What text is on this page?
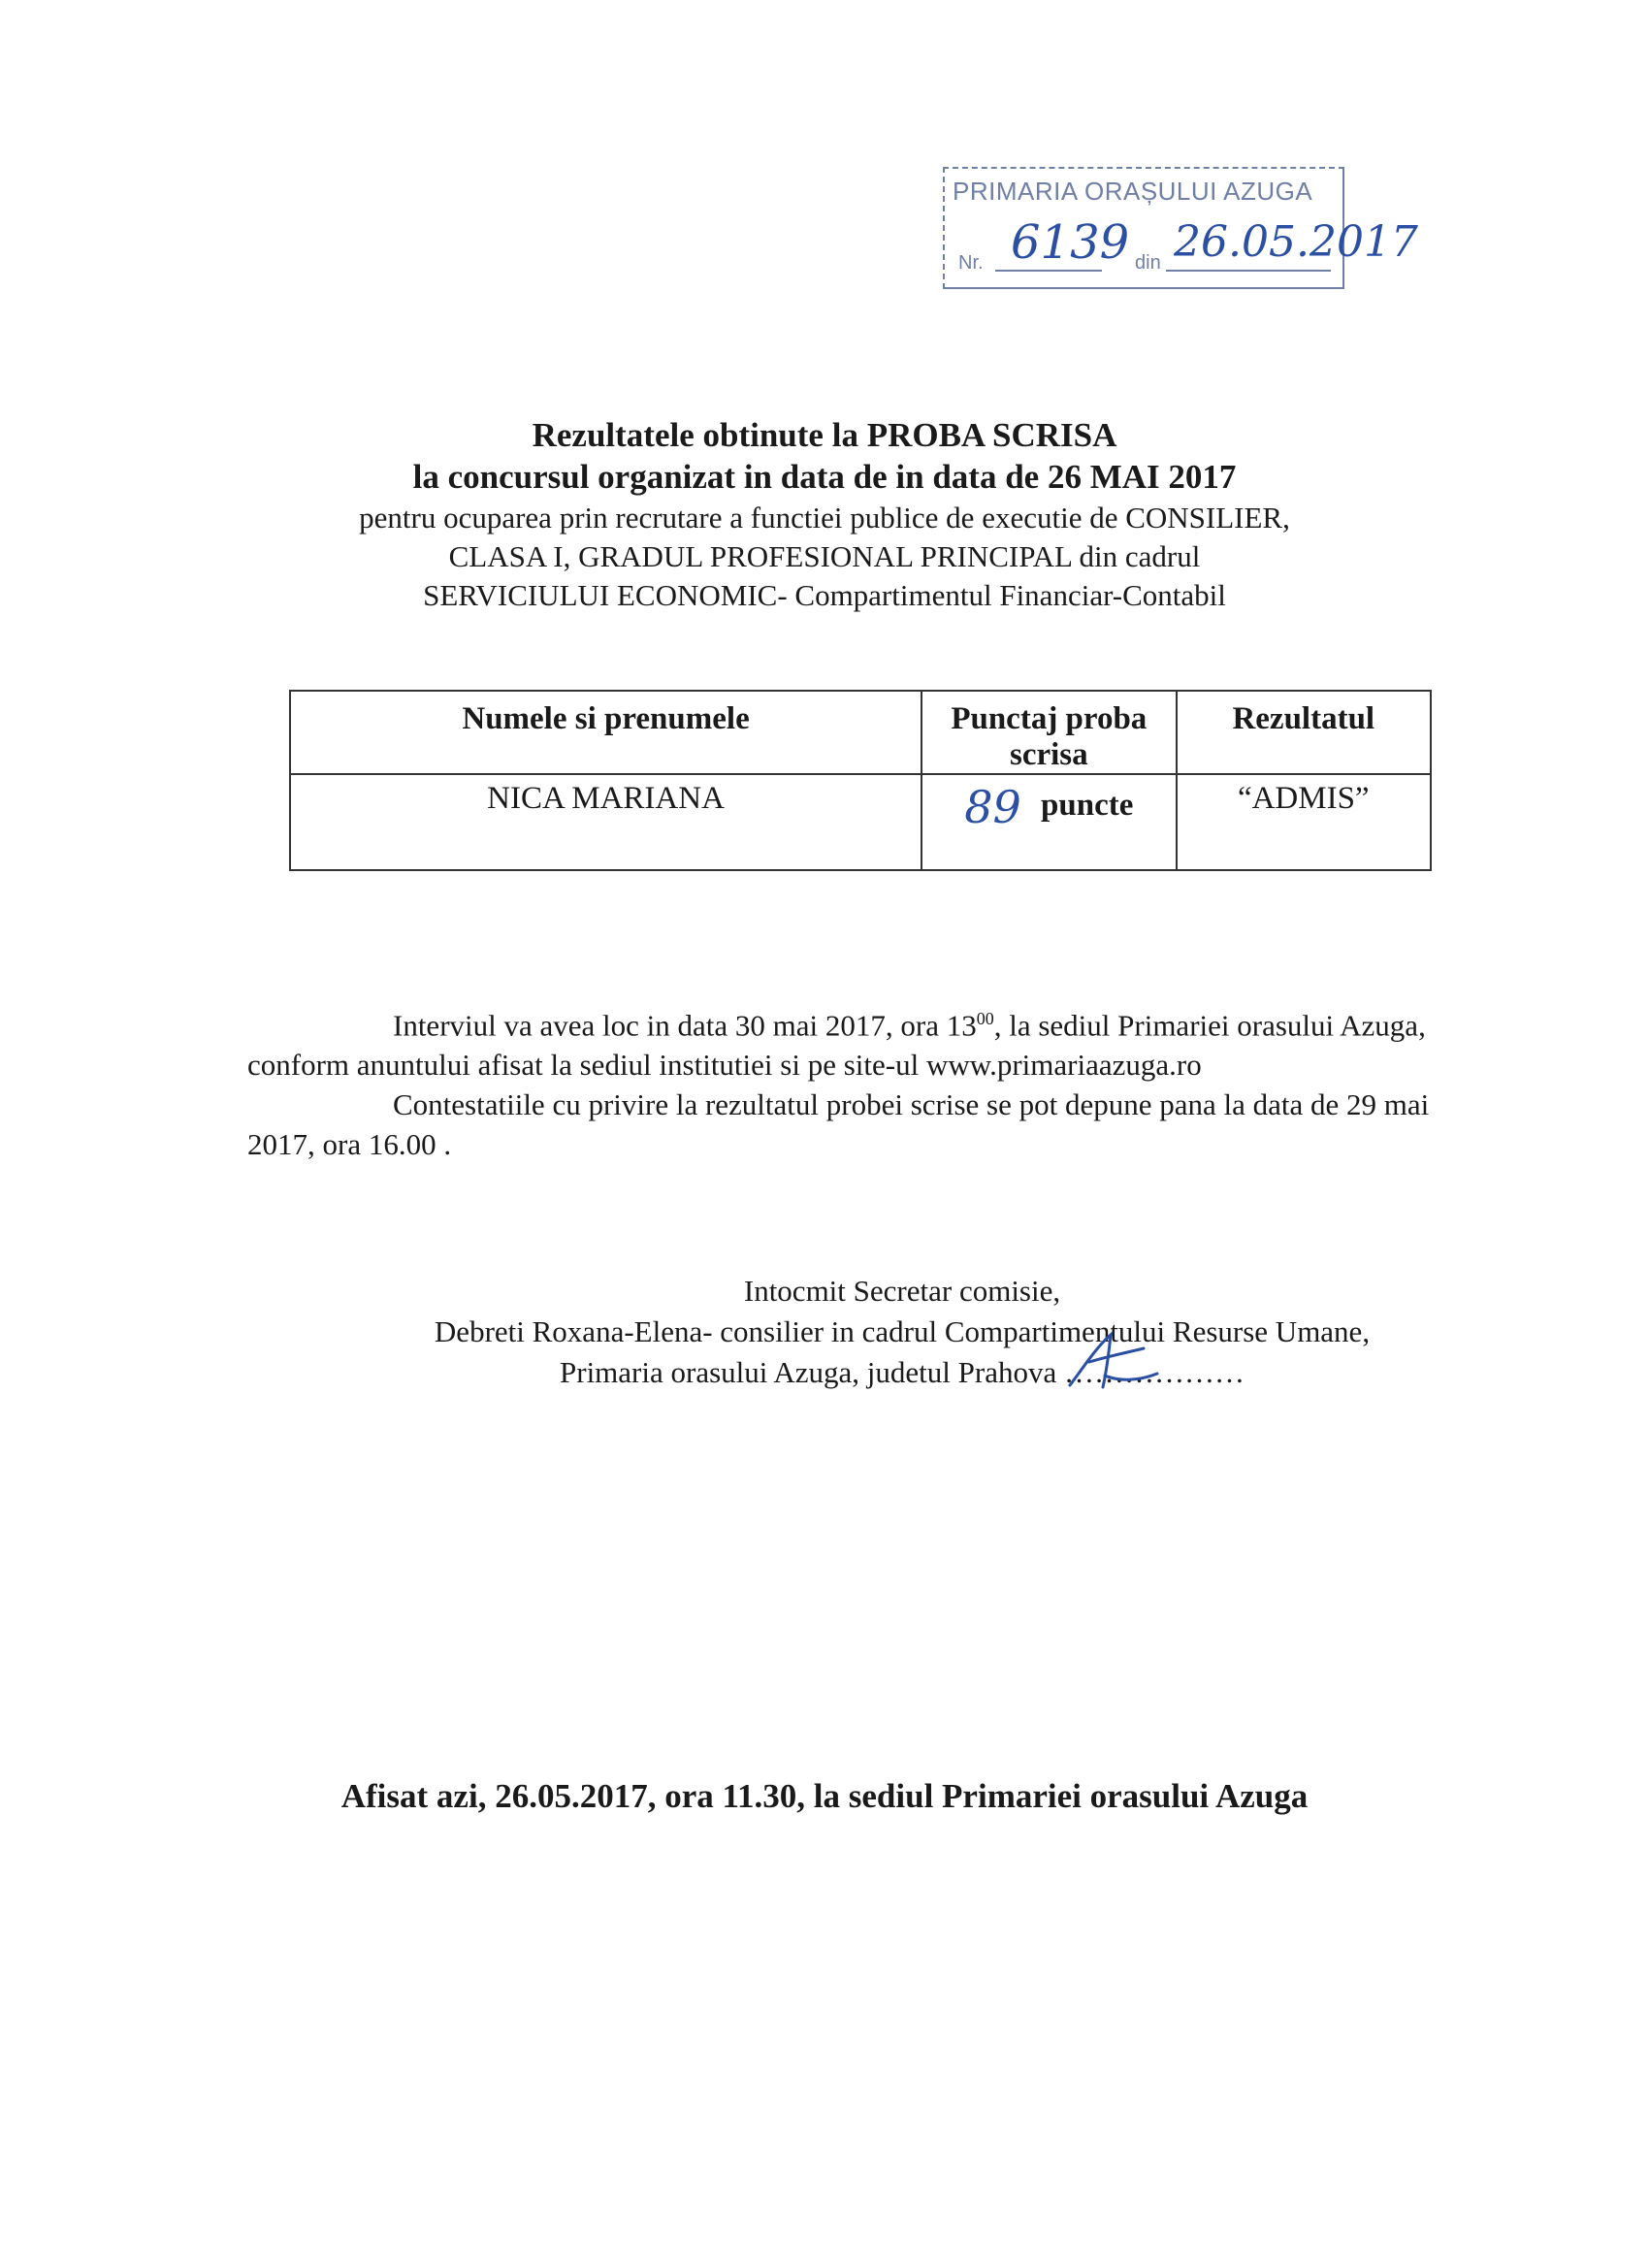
PRIMARIA ORAȘULUI AZUGA
Nr. 6139 din 26.05.2017
Rezultatele obtinute la PROBA SCRISA
la concursul organizat in data de in data de 26 MAI 2017
pentru ocuparea prin recrutare a functiei publice de executie de CONSILIER,
CLASA I, GRADUL PROFESIONAL PRINCIPAL din cadrul
SERVICIULUI ECONOMIC- Compartimentul Financiar-Contabil
Numele si prenumele	Punctaj proba scrisa	Rezultatul
NICA MARIANA	89 puncte	“ADMIS”

Interviul va avea loc in data 30 mai 2017, ora $13^{00}$, la sediul Primariei orasului Azuga, conform anuntului afisat la sediul institutiei si pe site-ul www.primariaazuga.ro

Contestatiile cu privire la rezultatul probei scrise se pot depune pana la data de 29 mai 2017, ora 16.00 .

Intocmit Secretar comisie,
Debreti Roxana-Elena- consilier in cadrul Compartimentului Resurse Umane,
Primaria orasului Azuga, judetul Prahova ………………
Afisat azi, 26.05.2017, ora 11.30, la sediul Primariei orasului Azuga
